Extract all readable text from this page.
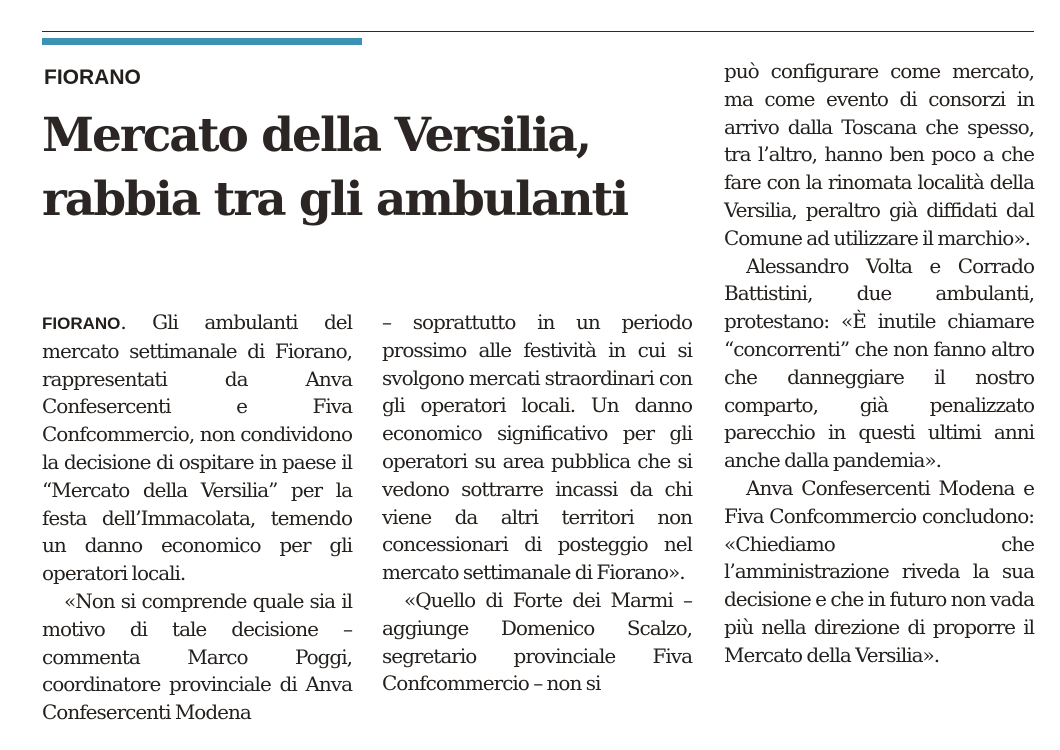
FIORANO
Mercato della Versilia, rabbia tra gli ambulanti

FIORANO. Gli ambulanti del mercato settimanale di Fiorano, rappresentati da Anva Confesercenti e Fiva Confcommercio, non condividono la decisione di ospitare in paese il “Mercato della Versilia” per la festa dell’Immacolata, temendo un danno economico per gli operatori locali.

«Non si comprende quale sia il motivo di tale decisione – commenta Marco Poggi, coordinatore provinciale di Anva Confesercenti Modena

– soprattutto in un periodo prossimo alle festività in cui si svolgono mercati straordinari con gli operatori locali. Un danno economico significativo per gli operatori su area pubblica che si vedono sottrarre incassi da chi viene da altri territori non concessionari di posteggio nel mercato settimanale di Fiorano».

«Quello di Forte dei Marmi – aggiunge Domenico Scalzo, segretario provinciale Fiva Confcommercio – non si

può configurare come mercato, ma come evento di consorzi in arrivo dalla Toscana che spesso, tra l’altro, hanno ben poco a che fare con la rinomata località della Versilia, peraltro già diffidati dal Comune ad utilizzare il marchio».

Alessandro Volta e Corrado Battistini, due ambulanti, protestano: «È inutile chiamare “concorrenti” che non fanno altro che danneggiare il nostro comparto, già penalizzato parecchio in questi ultimi anni anche dalla pandemia».

Anva Confesercenti Modena e Fiva Confcommercio concludono: «Chiediamo che l’amministrazione riveda la sua decisione e che in futuro non vada più nella direzione di proporre il Mercato della Versilia».
